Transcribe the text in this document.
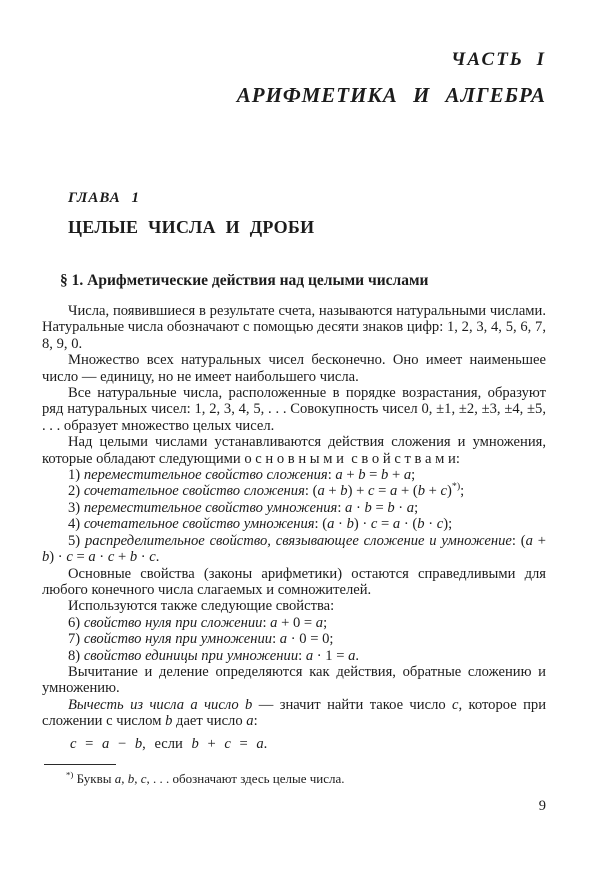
ЧАСТЬ I
АРИФМЕТИКА И АЛГЕБРА
ГЛАВА 1
ЦЕЛЫЕ ЧИСЛА И ДРОБИ
§ 1. Арифметические действия над целыми числами

Числа, появившиеся в результате счета, называются натуральными числами. Натуральные числа обозначают с помощью десяти знаков цифр: 1, 2, 3, 4, 5, 6, 7, 8, 9, 0.

Множество всех натуральных чисел бесконечно. Оно имеет наименьшее число — единицу, но не имеет наибольшего числа.

Все натуральные числа, расположенные в порядке возрастания, образуют ряд натуральных чисел: 1, 2, 3, 4, 5, . . . Совокупность чисел 0, ±1, ±2, ±3, ±4, ±5, . . . образует множество целых чисел.

Над целыми числами устанавливаются действия сложения и умножения, которые обладают следующими о с н о в н ы м и  с в о й с т в а м и:

1) переместительное свойство сложения: a + b = b + a;

2) сочетательное свойство сложения: (a + b) + c = a + (b + c)*);

3) переместительное свойство умножения: a · b = b · a;

4) сочетательное свойство умножения: (a · b) · c = a · (b · c);

5) распределительное свойство, связывающее сложение и умножение: (a + b) · c = a · c + b · c.

Основные свойства (законы арифметики) остаются справедливыми для любого конечного числа слагаемых и сомножителей.

Используются также следующие свойства:

6) свойство нуля при сложении: a + 0 = a;

7) свойство нуля при умножении: a · 0 = 0;

8) свойство единицы при умножении: a · 1 = a.

Вычитание и деление определяются как действия, обратные сложению и умножению.

Вычесть из числа a число b — значит найти такое число c, которое при сложении с числом b дает число a:

c = a − b, если b + c = a.

*) Буквы a, b, c, . . . обозначают здесь целые числа.

9
